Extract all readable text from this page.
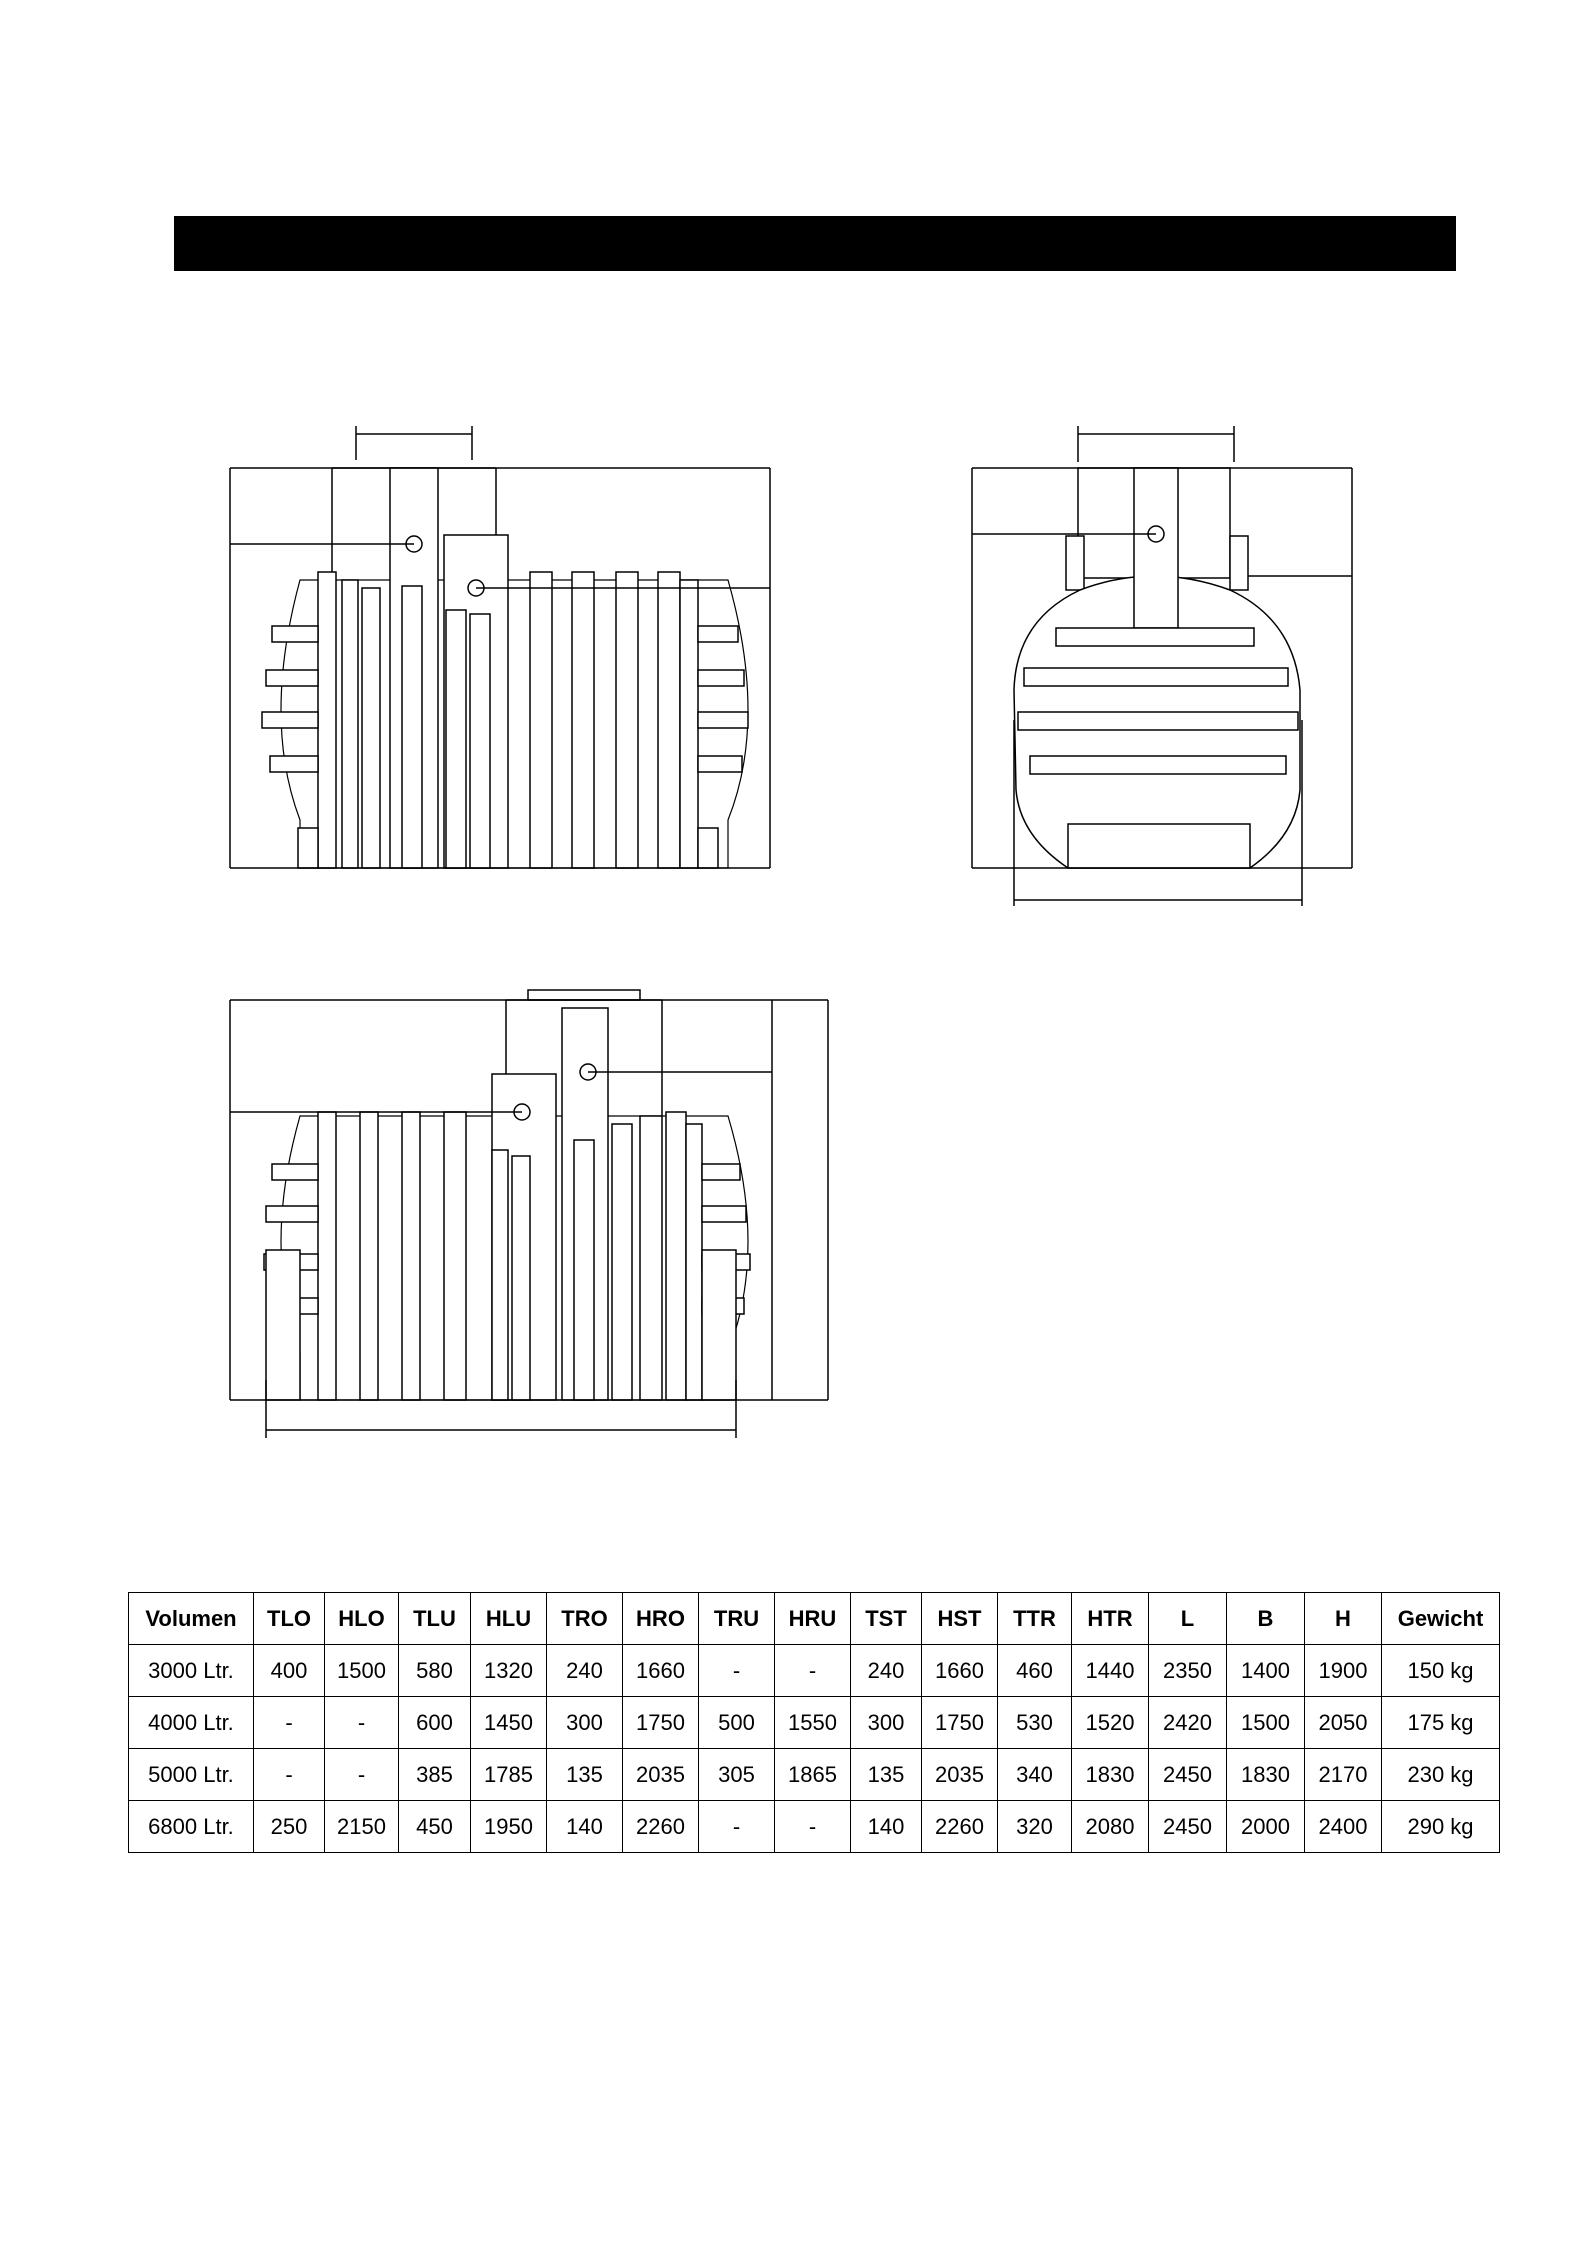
Volumen	TLO	HLO	TLU	HLU	TRO	HRO	TRU	HRU	TST	HST	TTR	HTR	L	B	H	Gewicht
3000 Ltr.	400	1500	580	1320	240	1660	-	-	240	1660	460	1440	2350	1400	1900	150 kg
4000 Ltr.	-	-	600	1450	300	1750	500	1550	300	1750	530	1520	2420	1500	2050	175 kg
5000 Ltr.	-	-	385	1785	135	2035	305	1865	135	2035	340	1830	2450	1830	2170	230 kg
6800 Ltr.	250	2150	450	1950	140	2260	-	-	140	2260	320	2080	2450	2000	2400	290 kg
